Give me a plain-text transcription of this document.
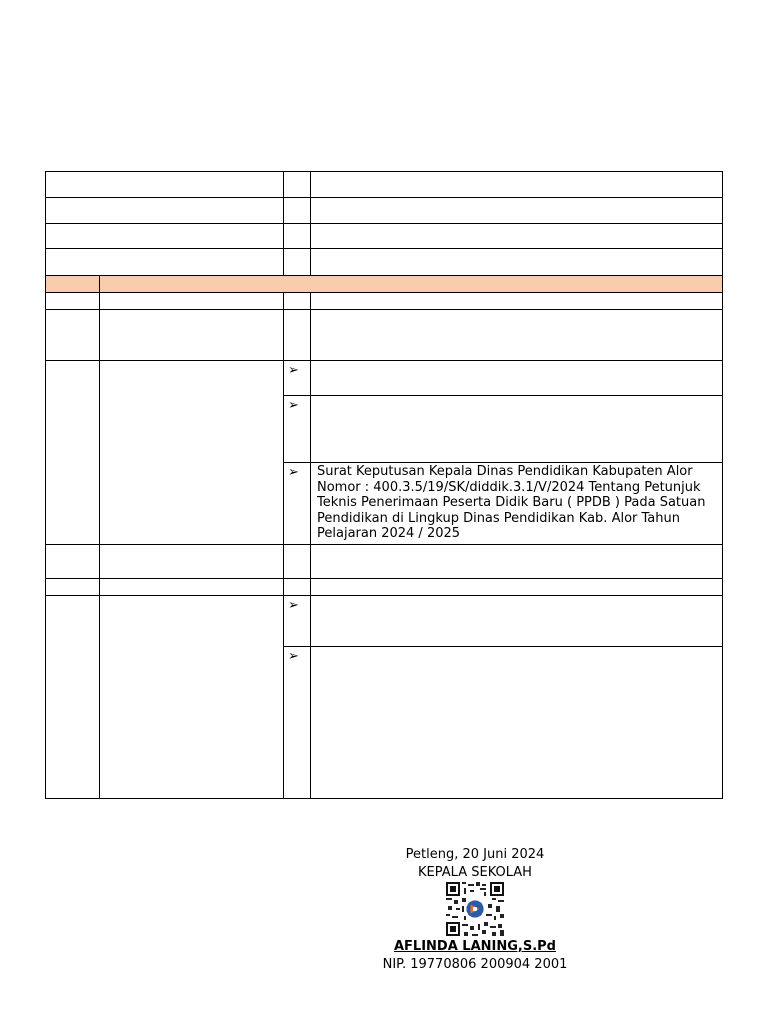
		➢	
		➢	
		➢	Surat Keputusan Kepala Dinas Pendidikan Kabupaten Alor Nomor : 400.3.5/19/SK/diddik.3.1/V/2024 Tentang Petunjuk Teknis Penerimaan Peserta Didik Baru ( PPDB ) Pada Satuan Pendidikan di Lingkup Dinas Pendidikan Kab. Alor Tahun Pelajaran 2024 / 2025

		➢	
		➢	
Petleng, 20 Juni 2024
KEPALA SEKOLAH
AFLINDA LANING,S.Pd
NIP. 19770806 200904 2001
